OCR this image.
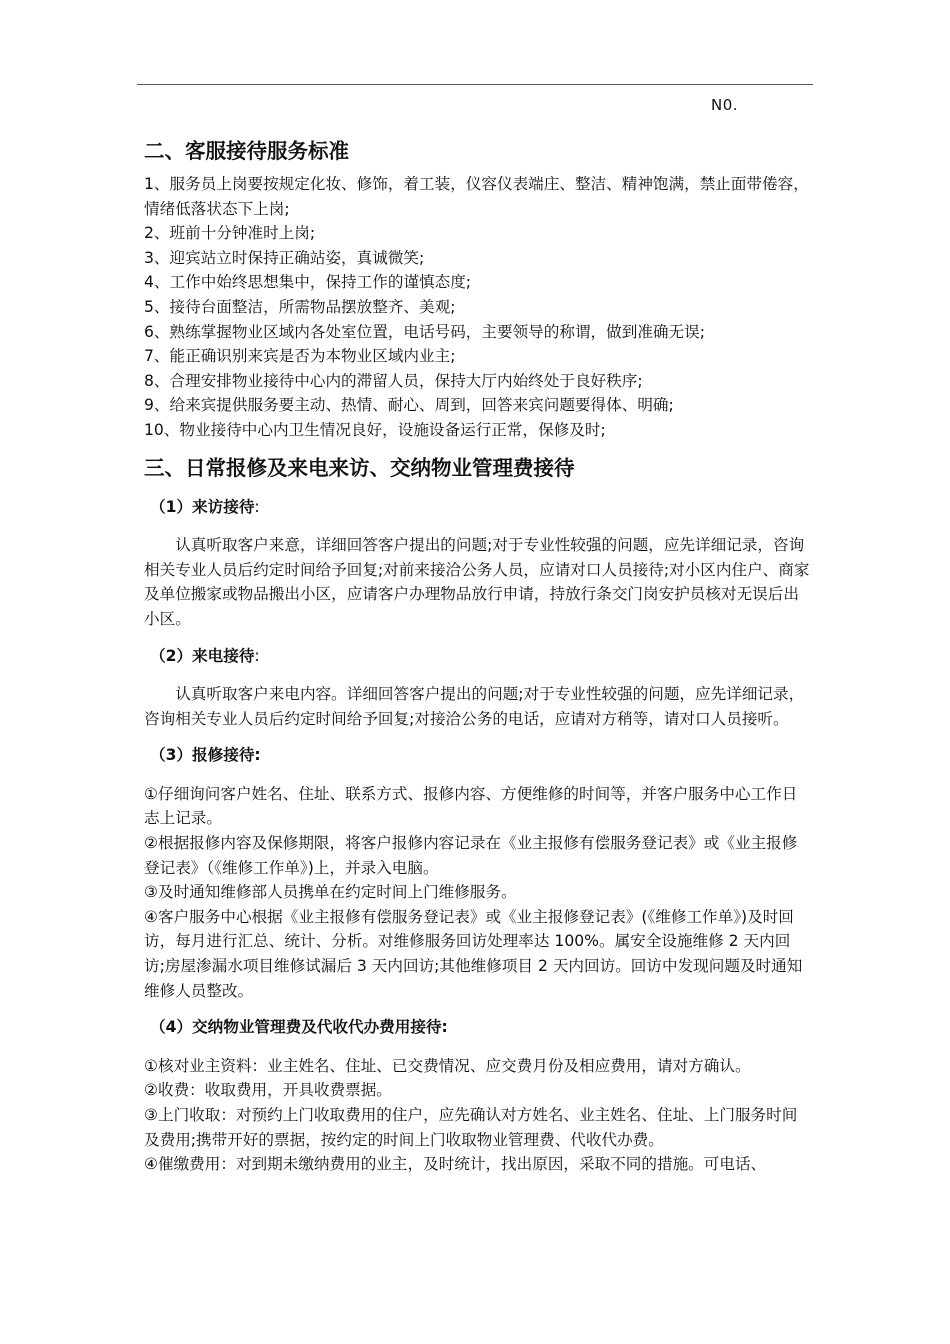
N0.
二、客服接待服务标准

1、服务员上岗要按规定化妆、修饰，着工装，仪容仪表端庄、整洁、精神饱满，禁止面带倦容，情绪低落状态下上岗;

2、班前十分钟准时上岗;

3、迎宾站立时保持正确站姿，真诚微笑;

4、工作中始终思想集中，保持工作的谨慎态度;

5、接待台面整洁，所需物品摆放整齐、美观;

6、熟练掌握物业区域内各处室位置，电话号码，主要领导的称谓，做到准确无误;

7、能正确识别来宾是否为本物业区域内业主;

8、合理安排物业接待中心内的滞留人员，保持大厅内始终处于良好秩序;

9、给来宾提供服务要主动、热情、耐心、周到，回答来宾问题要得体、明确;

10、物业接待中心内卫生情况良好，设施设备运行正常，保修及时;

三、日常报修及来电来访、交纳物业管理费接待
（1）来访接待:

认真听取客户来意，详细回答客户提出的问题;对于专业性较强的问题，应先详细记录，咨询相关专业人员后约定时间给予回复;对前来接洽公务人员，应请对口人员接待;对小区内住户、商家及单位搬家或物品搬出小区，应请客户办理物品放行申请，持放行条交门岗安护员核对无误后出小区。

（2）来电接待:

认真听取客户来电内容。详细回答客户提出的问题;对于专业性较强的问题，应先详细记录，咨询相关专业人员后约定时间给予回复;对接洽公务的电话，应请对方稍等，请对口人员接听。

（3）报修接待:

①仔细询问客户姓名、住址、联系方式、报修内容、方便维修的时间等，并客户服务中心工作日志上记录。

②根据报修内容及保修期限，将客户报修内容记录在《业主报修有偿服务登记表》或《业主报修登记表》（《维修工作单》)上，并录入电脑。

③及时通知维修部人员携单在约定时间上门维修服务。

④客户服务中心根据《业主报修有偿服务登记表》或《业主报修登记表》(《维修工作单》)及时回访，每月进行汇总、统计、分析。对维修服务回访处理率达 100%。属安全设施维修 2 天内回访;房屋渗漏水项目维修试漏后 3 天内回访;其他维修项目 2 天内回访。回访中发现问题及时通知维修人员整改。

（4）交纳物业管理费及代收代办费用接待:

①核对业主资料：业主姓名、住址、已交费情况、应交费月份及相应费用，请对方确认。

②收费：收取费用，开具收费票据。

③上门收取：对预约上门收取费用的住户，应先确认对方姓名、业主姓名、住址、上门服务时间及费用;携带开好的票据，按约定的时间上门收取物业管理费、代收代办费。

④催缴费用：对到期未缴纳费用的业主，及时统计，找出原因，采取不同的措施。可电话、
